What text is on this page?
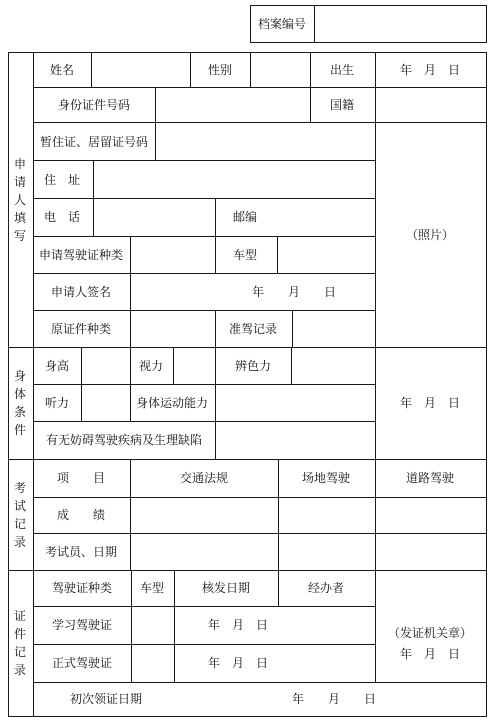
档案编号
申请人填写
姓名	性别	出生	年　月　日
身份证件号码	国籍
暂住证、居留证号码
住　址
电　话	邮编
申请驾驶证种类	车型
申请人签名	年　　月　　日
原证件种类	准驾记录
（照片）
身体条件
身高	视力	辨色力
听力	身体运动能力
有无妨碍驾驶疾病及生理缺陷
年　月　日
考试记录
项　　目	交通法规	场地驾驶	道路驾驶
成　　绩
考试员、日期
证件记录
驾驶证种类 车型	核发日期	经办者
学习驾驶证	年　月　日
正式驾驶证	年　月　日
（发证机关章）
年　月　日
初次领证日期	年　　月　　日
